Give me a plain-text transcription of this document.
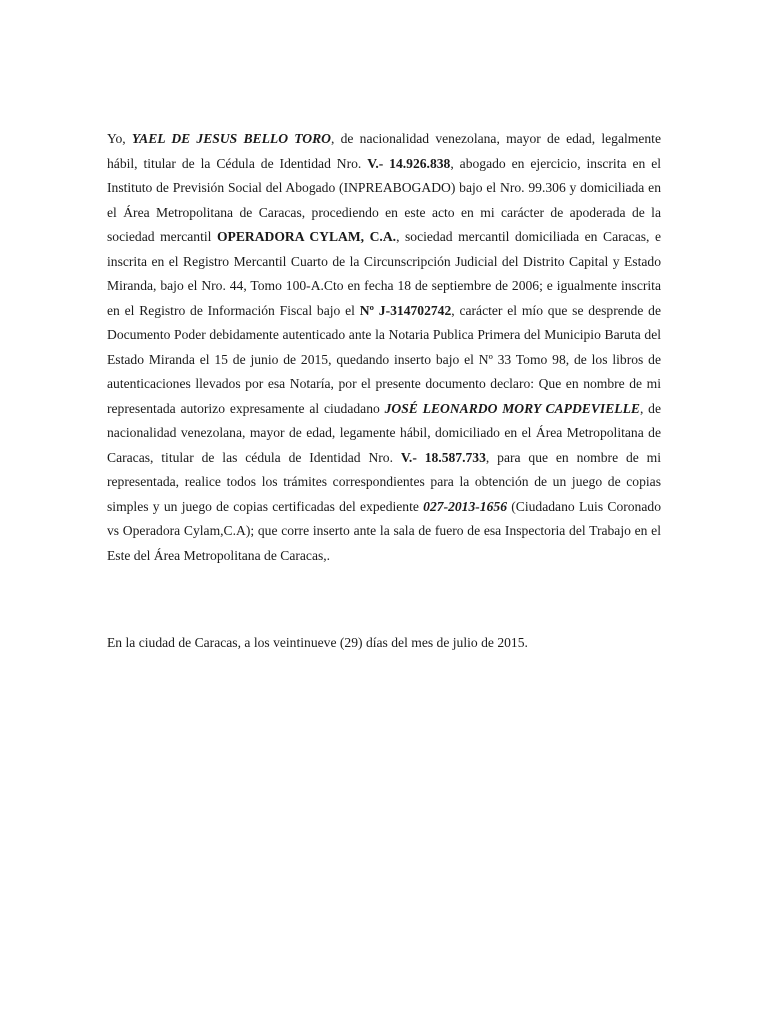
Yo, YAEL DE JESUS BELLO TORO, de nacionalidad venezolana, mayor de edad, legalmente hábil, titular de la Cédula de Identidad Nro. V.- 14.926.838, abogado en ejercicio, inscrita en el Instituto de Previsión Social del Abogado (INPREABOGADO) bajo el Nro. 99.306 y domiciliada en el Área Metropolitana de Caracas, procediendo en este acto en mi carácter de apoderada de la sociedad mercantil OPERADORA CYLAM, C.A., sociedad mercantil domiciliada en Caracas, e inscrita en el Registro Mercantil Cuarto de la Circunscripción Judicial del Distrito Capital y Estado Miranda, bajo el Nro. 44, Tomo 100-A.Cto en fecha 18 de septiembre de 2006; e igualmente inscrita en el Registro de Información Fiscal bajo el Nº J-314702742, carácter el mío que se desprende de Documento Poder debidamente autenticado ante la Notaria Publica Primera del Municipio Baruta del Estado Miranda el 15 de junio de 2015, quedando inserto bajo el Nº 33 Tomo 98, de los libros de autenticaciones llevados por esa Notaría, por el presente documento declaro: Que en nombre de mi representada autorizo expresamente al ciudadano JOSÉ LEONARDO MORY CAPDEVIELLE, de nacionalidad venezolana, mayor de edad, legamente hábil, domiciliado en el Área Metropolitana de Caracas, titular de las cédula de Identidad Nro. V.- 18.587.733, para que en nombre de mi representada, realice todos los trámites correspondientes para la obtención de un juego de copias simples y un juego de copias certificadas del expediente 027-2013-1656 (Ciudadano Luis Coronado vs Operadora Cylam,C.A); que corre inserto ante la sala de fuero de esa Inspectoria del Trabajo en el Este del Área Metropolitana de Caracas,.

En la ciudad de Caracas, a los veintinueve (29) días del mes de julio de 2015.
